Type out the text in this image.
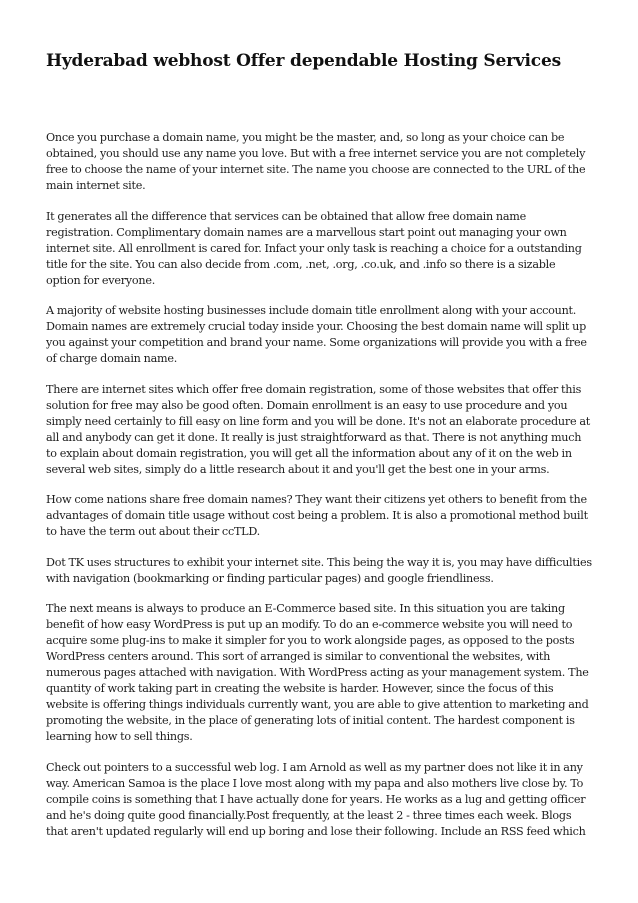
Hyderabad webhost Offer dependable Hosting Services

Once you purchase a domain name, you might be the master, and, so long as your choice can be obtained, you should use any name you love. But with a free internet service you are not completely free to choose the name of your internet site. The name you choose are connected to the URL of the main internet site.

It generates all the difference that services can be obtained that allow free domain name registration. Complimentary domain names are a marvellous start point out managing your own internet site. All enrollment is cared for. Infact your only task is reaching a choice for a outstanding title for the site. You can also decide from .com, .net, .org, .co.uk, and .info so there is a sizable option for everyone.

A majority of website hosting businesses include domain title enrollment along with your account. Domain names are extremely crucial today inside your. Choosing the best domain name will split up you against your competition and brand your name. Some organizations will provide you with a free of charge domain name.

There are internet sites which offer free domain registration, some of those websites that offer this solution for free may also be good often. Domain enrollment is an easy to use procedure and you simply need certainly to fill easy on line form and you will be done. It's not an elaborate procedure at all and anybody can get it done. It really is just straightforward as that. There is not anything much to explain about domain registration, you will get all the information about any of it on the web in several web sites, simply do a little research about it and you'll get the best one in your arms.

How come nations share free domain names? They want their citizens yet others to benefit from the advantages of domain title usage without cost being a problem. It is also a promotional method built to have the term out about their ccTLD.

Dot TK uses structures to exhibit your internet site. This being the way it is, you may have difficulties with navigation (bookmarking or finding particular pages) and google friendliness.

The next means is always to produce an E-Commerce based site. In this situation you are taking benefit of how easy WordPress is put up an modify. To do an e-commerce website you will need to acquire some plug-ins to make it simpler for you to work alongside pages, as opposed to the posts WordPress centers around. This sort of arranged is similar to conventional the websites, with numerous pages attached with navigation. With WordPress acting as your management system. The quantity of work taking part in creating the website is harder. However, since the focus of this website is offering things individuals currently want, you are able to give attention to marketing and promoting the website, in the place of generating lots of initial content. The hardest component is learning how to sell things.

Check out pointers to a successful web log. I am Arnold as well as my partner does not like it in any way. American Samoa is the place I love most along with my papa and also mothers live close by. To compile coins is something that I have actually done for years. He works as a lug and getting officer and he's doing quite good financially.Post frequently, at the least 2 - three times each week. Blogs that aren't updated regularly will end up boring and lose their following. Include an RSS feed which
